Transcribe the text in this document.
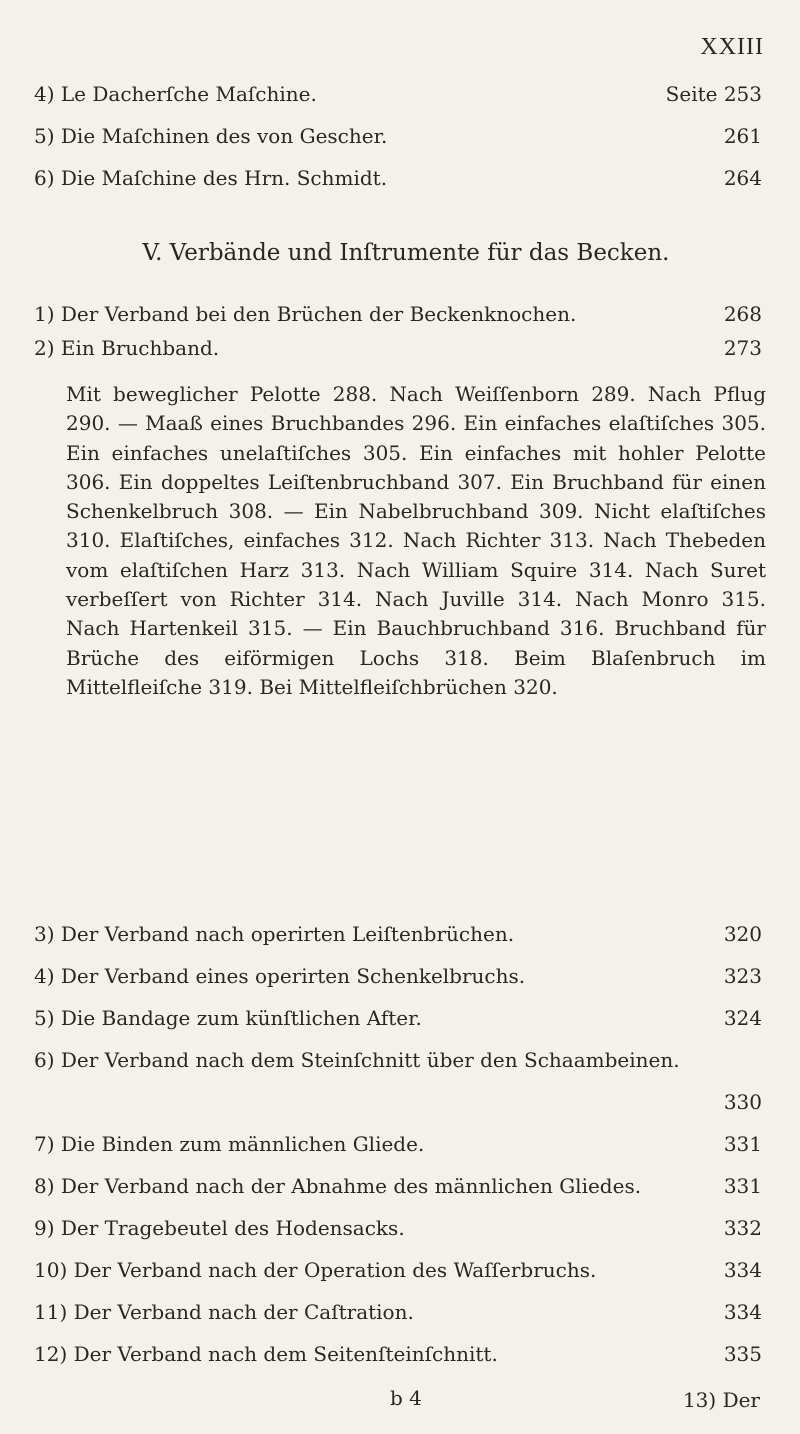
XXIII
4) Le Dacherſche Maſchine.	Seite 253
5) Die Maſchinen des von Gescher.	261
6) Die Maſchine des Hrn. Schmidt.	264
V. Verbände und Inſtrumente für das Becken.
1) Der Verband bei den Brüchen der Beckenknochen.	268
2) Ein Bruchband.	273
Mit beweglicher Pelotte 288. Nach Weiſſenborn 289. Nach Pflug 290. — Maaß eines Bruchbandes 296. Ein einfaches elaſtiſches 305. Ein einfaches unelaſtiſches 305. Ein einfaches mit hohler Pelotte 306. Ein doppeltes Leiſtenbruchband 307. Ein Bruchband für einen Schenkelbruch 308. — Ein Nabelbruchband 309. Nicht elaſtiſches 310. Elaſtiſches, einfaches 312. Nach Richter 313. Nach Thebeden vom elaſtiſchen Harz 313. Nach William Squire 314. Nach Suret verbeſſert von Richter 314. Nach Juville 314. Nach Monro 315. Nach Hartenkeil 315. — Ein Bauchbruchband 316. Bruchband für Brüche des eiförmigen Lochs 318. Beim Blaſenbruch im Mittelfleiſche 319. Bei Mittelfleiſchbrüchen 320.
3) Der Verband nach operirten Leiſtenbrüchen.	320
4) Der Verband eines operirten Schenkelbruchs.	323
5) Die Bandage zum künſtlichen After.	324
6) Der Verband nach dem Steinſchnitt über den Schaambeinen.
330
7) Die Binden zum männlichen Gliede.	331
8) Der Verband nach der Abnahme des männlichen Gliedes.	331
9) Der Tragebeutel des Hodensacks.	332
10) Der Verband nach der Operation des Waſſerbruchs.	334
11) Der Verband nach der Caſtration.	334
12) Der Verband nach dem Seitenſteinſchnitt.	335
b 4	13) Der
